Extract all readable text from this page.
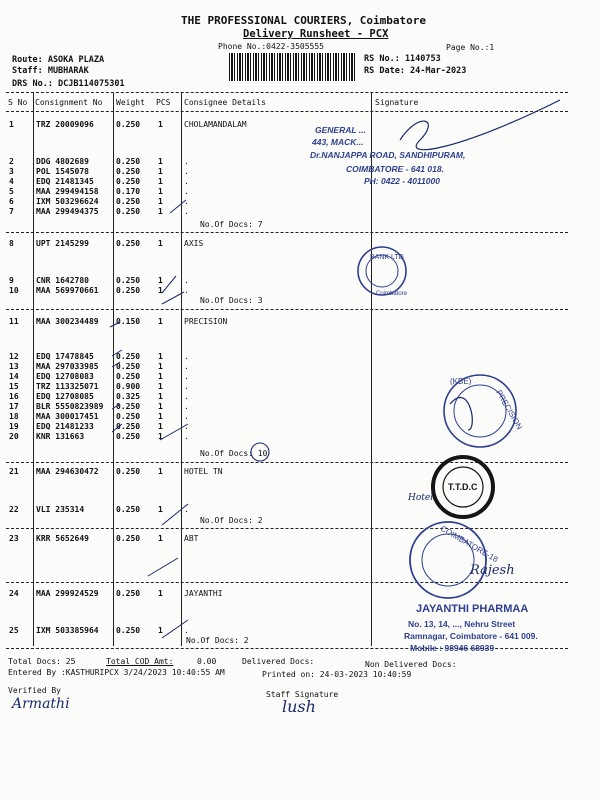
THE PROFESSIONAL COURIERS, Coimbatore
Delivery Runsheet - PCX
Phone No.:0422-3505555	Page No.:1
Route: ASOKA PLAZA
Staff: MUBHARAK
DRS No.: DCJB114075301
RS No.: 1140753
RS Date: 24-Mar-2023
S No Consignment No Weight PCS Consignee Details	Signature
1	TRZ 20009096	0.250 1	CHOLAMANDALAM
2	DDG 4802689	0.250 1	.
3	POL 1545078	0.250 1	.
4	EDQ 21481345	0.250 1	.
5	MAA 299494158 0.170 1	.
6	IXM 503296624 0.250 1	.
7	MAA 299494375 0.250 1	.
8	UPT 2145299	0.250 1	AXIS
9	CNR 1642780	0.250 1	.
10 MAA 569970661 0.250 1	.
11 MAA 300234489 0.150 1	PRECISION
12 EDQ 17478845	0.250 1	.
13 MAA 297033985 0.250 1	.
14 EDQ 12708083	0.250 1	.
15 TRZ 113325071 0.900 1	.
16 EDQ 12708085	0.325 1	.
17 BLR 5550823989 0.250 1	.
18 MAA 300017451 0.250 1	.
19 EDQ 21481233	0.250 1	.
20 KNR 131663	0.250 1	.
21 MAA 294630472 0.250 1	HOTEL TN
22 VLI 235314	0.250 1	.
23 KRR 5652649	0.250 1	ABT
24 MAA 299924529 0.250 1	JAYANTHI
25 IXM 503385964 0.250 1	.
No.Of Docs: 7
No.Of Docs: 3
No.Of Docs: 10
No.Of Docs: 2
No.Of Docs: 2
Total Docs: 25	Total COD Amt:	0.00	Delivered Docs:	Non Delivered Docs:
Entered By :KASTHURIPCX 3/24/2023 10:40:55 AM	Printed on: 24-03-2023 10:40:59
Verified By	Staff Signature
GENERAL ...
443, MACK...
Dr.NANJAPPA ROAD, SANDHIPURAM,
COIMBATORE - 641 018.
PH: 0422 - 4011000
BANK LTD
Coimbatore
PRECISION
(KBE)
T.T.D.C
Hotel
COIMBATORE-18
Rajesh
JAYANTHI PHARMAA
No. 13, 14, ..., Nehru Street
Ramnagar, Coimbatore - 641 009.
Mobile : 98946 68939
Armathi	lush
